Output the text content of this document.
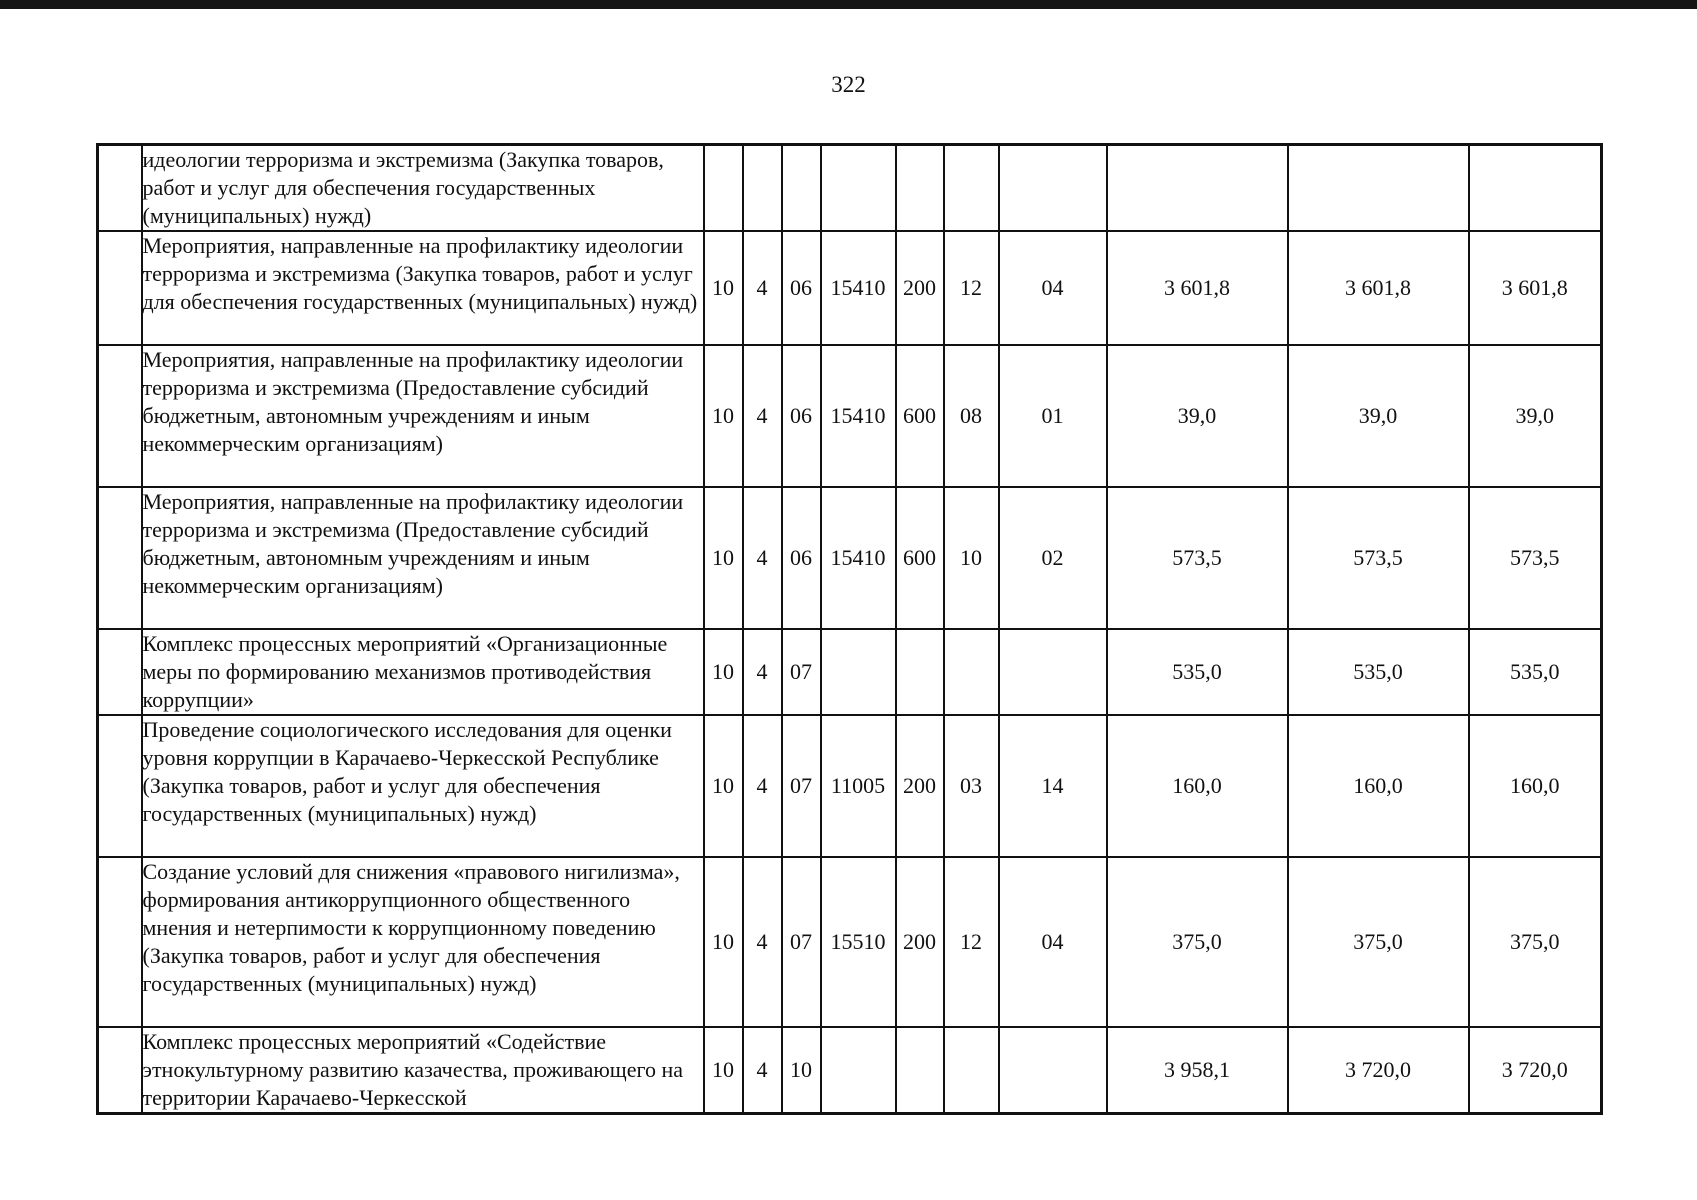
322
	идеологии терроризма и экстремизма (Закупка товаров, работ и услуг для обеспечения государственных (муниципальных) нужд)										
	Мероприятия, направленные на профилактику идеологии терроризма и экстремизма (Закупка товаров, работ и услуг для обеспечения государственных (муниципальных) нужд)	10	4	06	15410	200	12	04	3 601,8	3 601,8	3 601,8
	Мероприятия, направленные на профилактику идеологии терроризма и экстремизма (Предоставление субсидий бюджетным, автономным учреждениям и иным некоммерческим организациям)	10	4	06	15410	600	08	01	39,0	39,0	39,0
	Мероприятия, направленные на профилактику идеологии терроризма и экстремизма (Предоставление субсидий бюджетным, автономным учреждениям и иным некоммерческим организациям)	10	4	06	15410	600	10	02	573,5	573,5	573,5
	Комплекс процессных мероприятий «Организационные меры по формированию механизмов противодействия коррупции»	10	4	07					535,0	535,0	535,0
	Проведение социологического исследования для оценки уровня коррупции в Карачаево-Черкесской Республике (Закупка товаров, работ и услуг для обеспечения государственных (муниципальных) нужд)	10	4	07	11005	200	03	14	160,0	160,0	160,0
	Создание условий для снижения «правового нигилизма», формирования антикоррупционного общественного мнения и нетерпимости к коррупционному поведению (Закупка товаров, работ и услуг для обеспечения государственных (муниципальных) нужд)	10	4	07	15510	200	12	04	375,0	375,0	375,0
	Комплекс процессных мероприятий «Содействие этнокультурному развитию казачества, проживающего на территории Карачаево-Черкесской	10	4	10					3 958,1	3 720,0	3 720,0
